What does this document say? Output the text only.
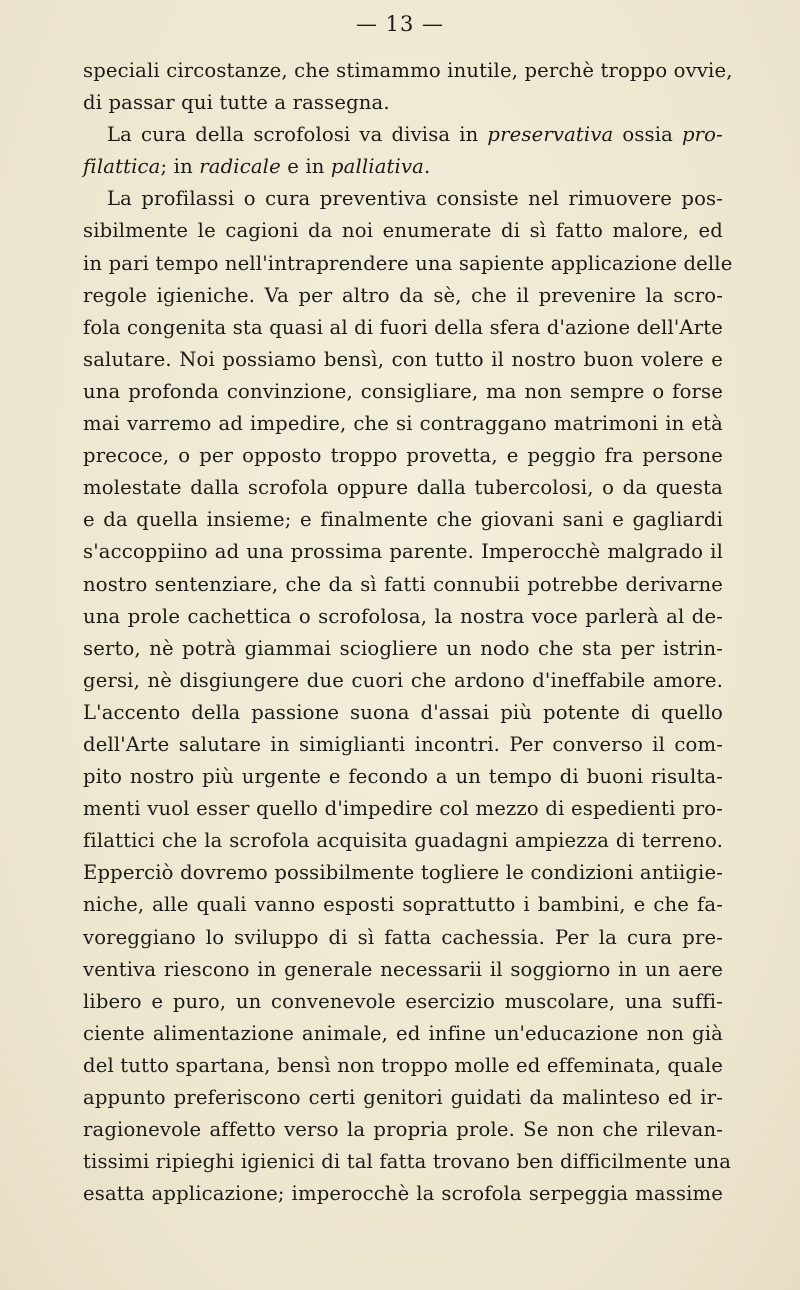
— 13 —
speciali circostanze, che stimammo inutile, perchè troppo ovvie,
di passar qui tutte a rassegna.
La cura della scrofolosi va divisa in preservativa ossia pro-
filattica; in radicale e in palliativa.
La profilassi o cura preventiva consiste nel rimuovere pos-
sibilmente le cagioni da noi enumerate di sì fatto malore, ed
in pari tempo nell'intraprendere una sapiente applicazione delle
regole igieniche. Va per altro da sè, che il prevenire la scro-
fola congenita sta quasi al di fuori della sfera d'azione dell'Arte
salutare. Noi possiamo bensì, con tutto il nostro buon volere e
una profonda convinzione, consigliare, ma non sempre o forse
mai varremo ad impedire, che si contraggano matrimoni in età
precoce, o per opposto troppo provetta, e peggio fra persone
molestate dalla scrofola oppure dalla tubercolosi, o da questa
e da quella insieme; e finalmente che giovani sani e gagliardi
s'accoppiino ad una prossima parente. Imperocchè malgrado il
nostro sentenziare, che da sì fatti connubii potrebbe derivarne
una prole cachettica o scrofolosa, la nostra voce parlerà al de-
serto, nè potrà giammai sciogliere un nodo che sta per istrin-
gersi, nè disgiungere due cuori che ardono d'ineffabile amore.
L'accento della passione suona d'assai più potente di quello
dell'Arte salutare in simiglianti incontri. Per converso il com-
pito nostro più urgente e fecondo a un tempo di buoni risulta-
menti vuol esser quello d'impedire col mezzo di espedienti pro-
filattici che la scrofola acquisita guadagni ampiezza di terreno.
Epperciò dovremo possibilmente togliere le condizioni antiigie-
niche, alle quali vanno esposti soprattutto i bambini, e che fa-
voreggiano lo sviluppo di sì fatta cachessia. Per la cura pre-
ventiva riescono in generale necessarii il soggiorno in un aere
libero e puro, un convenevole esercizio muscolare, una suffi-
ciente alimentazione animale, ed infine un'educazione non già
del tutto spartana, bensì non troppo molle ed effeminata, quale
appunto preferiscono certi genitori guidati da malinteso ed ir-
ragionevole affetto verso la propria prole. Se non che rilevan-
tissimi ripieghi igienici di tal fatta trovano ben difficilmente una
esatta applicazione; imperocchè la scrofola serpeggia massime
